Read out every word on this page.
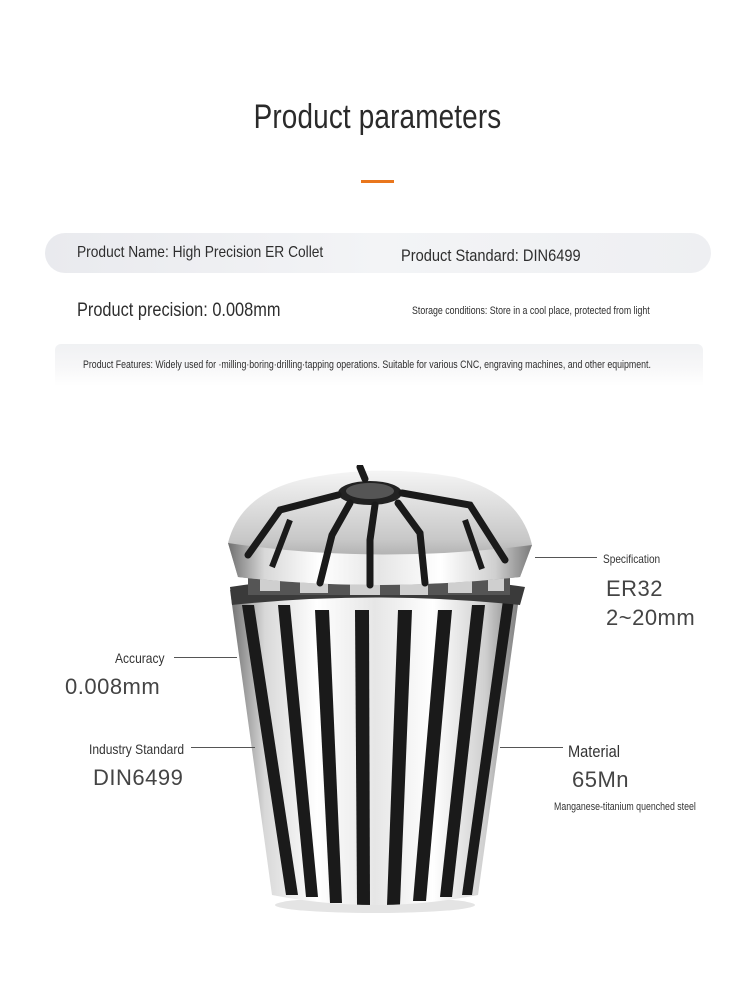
Product parameters
Product Name: High Precision ER Collet	Product Standard: DIN6499
Product precision: 0.008mm	Storage conditions: Store in a cool place, protected from light
Product Features: Widely used for ·milling·boring·drilling·tapping operations. Suitable for various CNC, engraving machines, and other equipment.
Specification
ER32
2~20mm
Accuracy
0.008mm
Industry Standard
DIN6499
Material
65Mn
Manganese-titanium quenched steel
